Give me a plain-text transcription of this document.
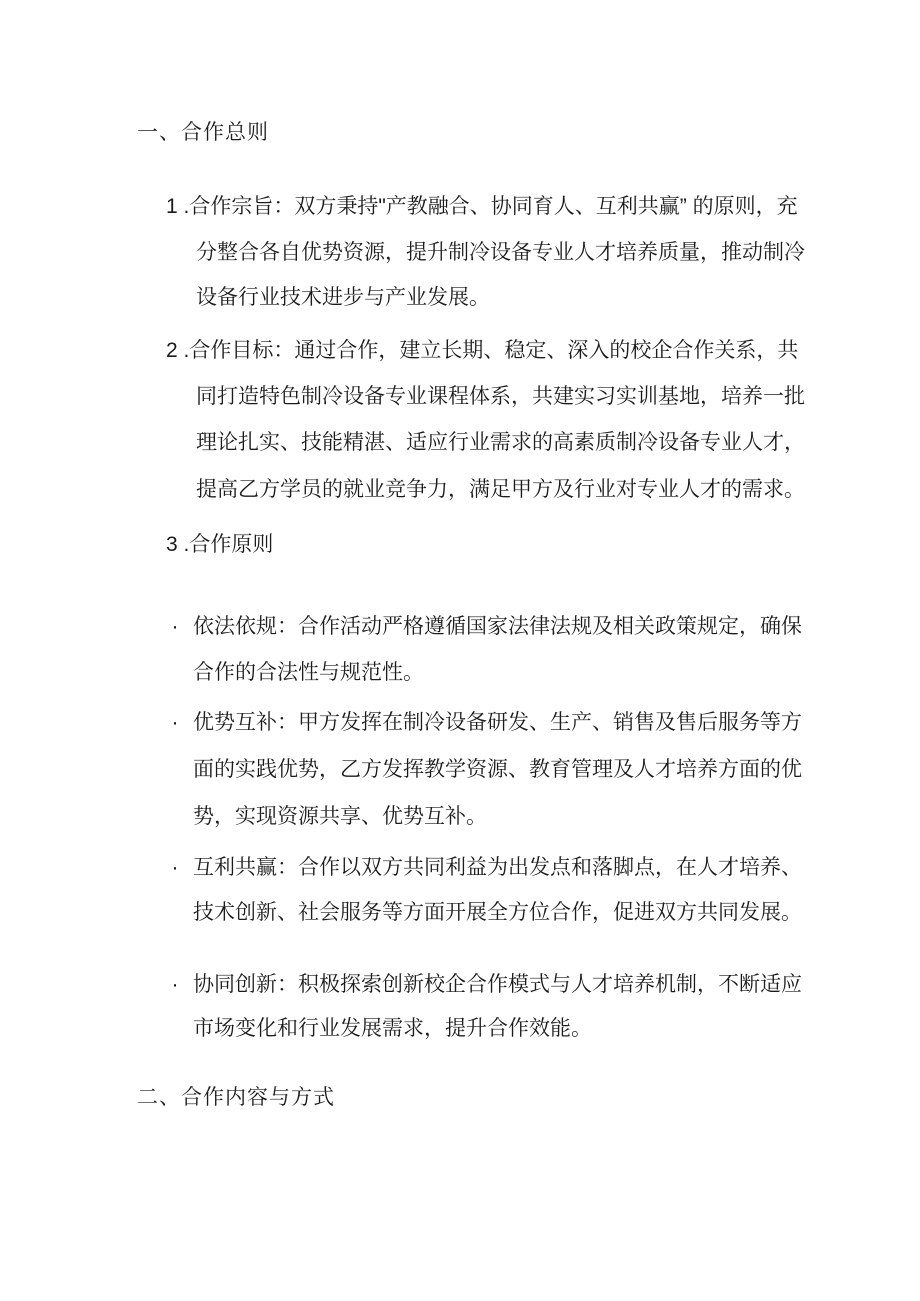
一、合作总则
1 .合作宗旨：双方秉持"产教融合、协同育人、互利共赢” 的原则，充
分整合各自优势资源，提升制冷设备专业人才培养质量，推动制冷
设备行业技术进步与产业发展。
2 .合作目标：通过合作，建立长期、稳定、深入的校企合作关系，共
同打造特色制冷设备专业课程体系，共建实习实训基地，培养一批
理论扎实、技能精湛、适应行业需求的高素质制冷设备专业人才，
提高乙方学员的就业竞争力，满足甲方及行业对专业人才的需求。
3 .合作原则
· 依法依规：合作活动严格遵循国家法律法规及相关政策规定，确保
合作的合法性与规范性。
· 优势互补：甲方发挥在制冷设备研发、生产、销售及售后服务等方
面的实践优势，乙方发挥教学资源、教育管理及人才培养方面的优
势，实现资源共享、优势互补。
· 互利共赢：合作以双方共同利益为出发点和落脚点，在人才培养、
技术创新、社会服务等方面开展全方位合作，促进双方共同发展。
· 协同创新：积极探索创新校企合作模式与人才培养机制，不断适应
市场变化和行业发展需求，提升合作效能。
二、合作内容与方式
